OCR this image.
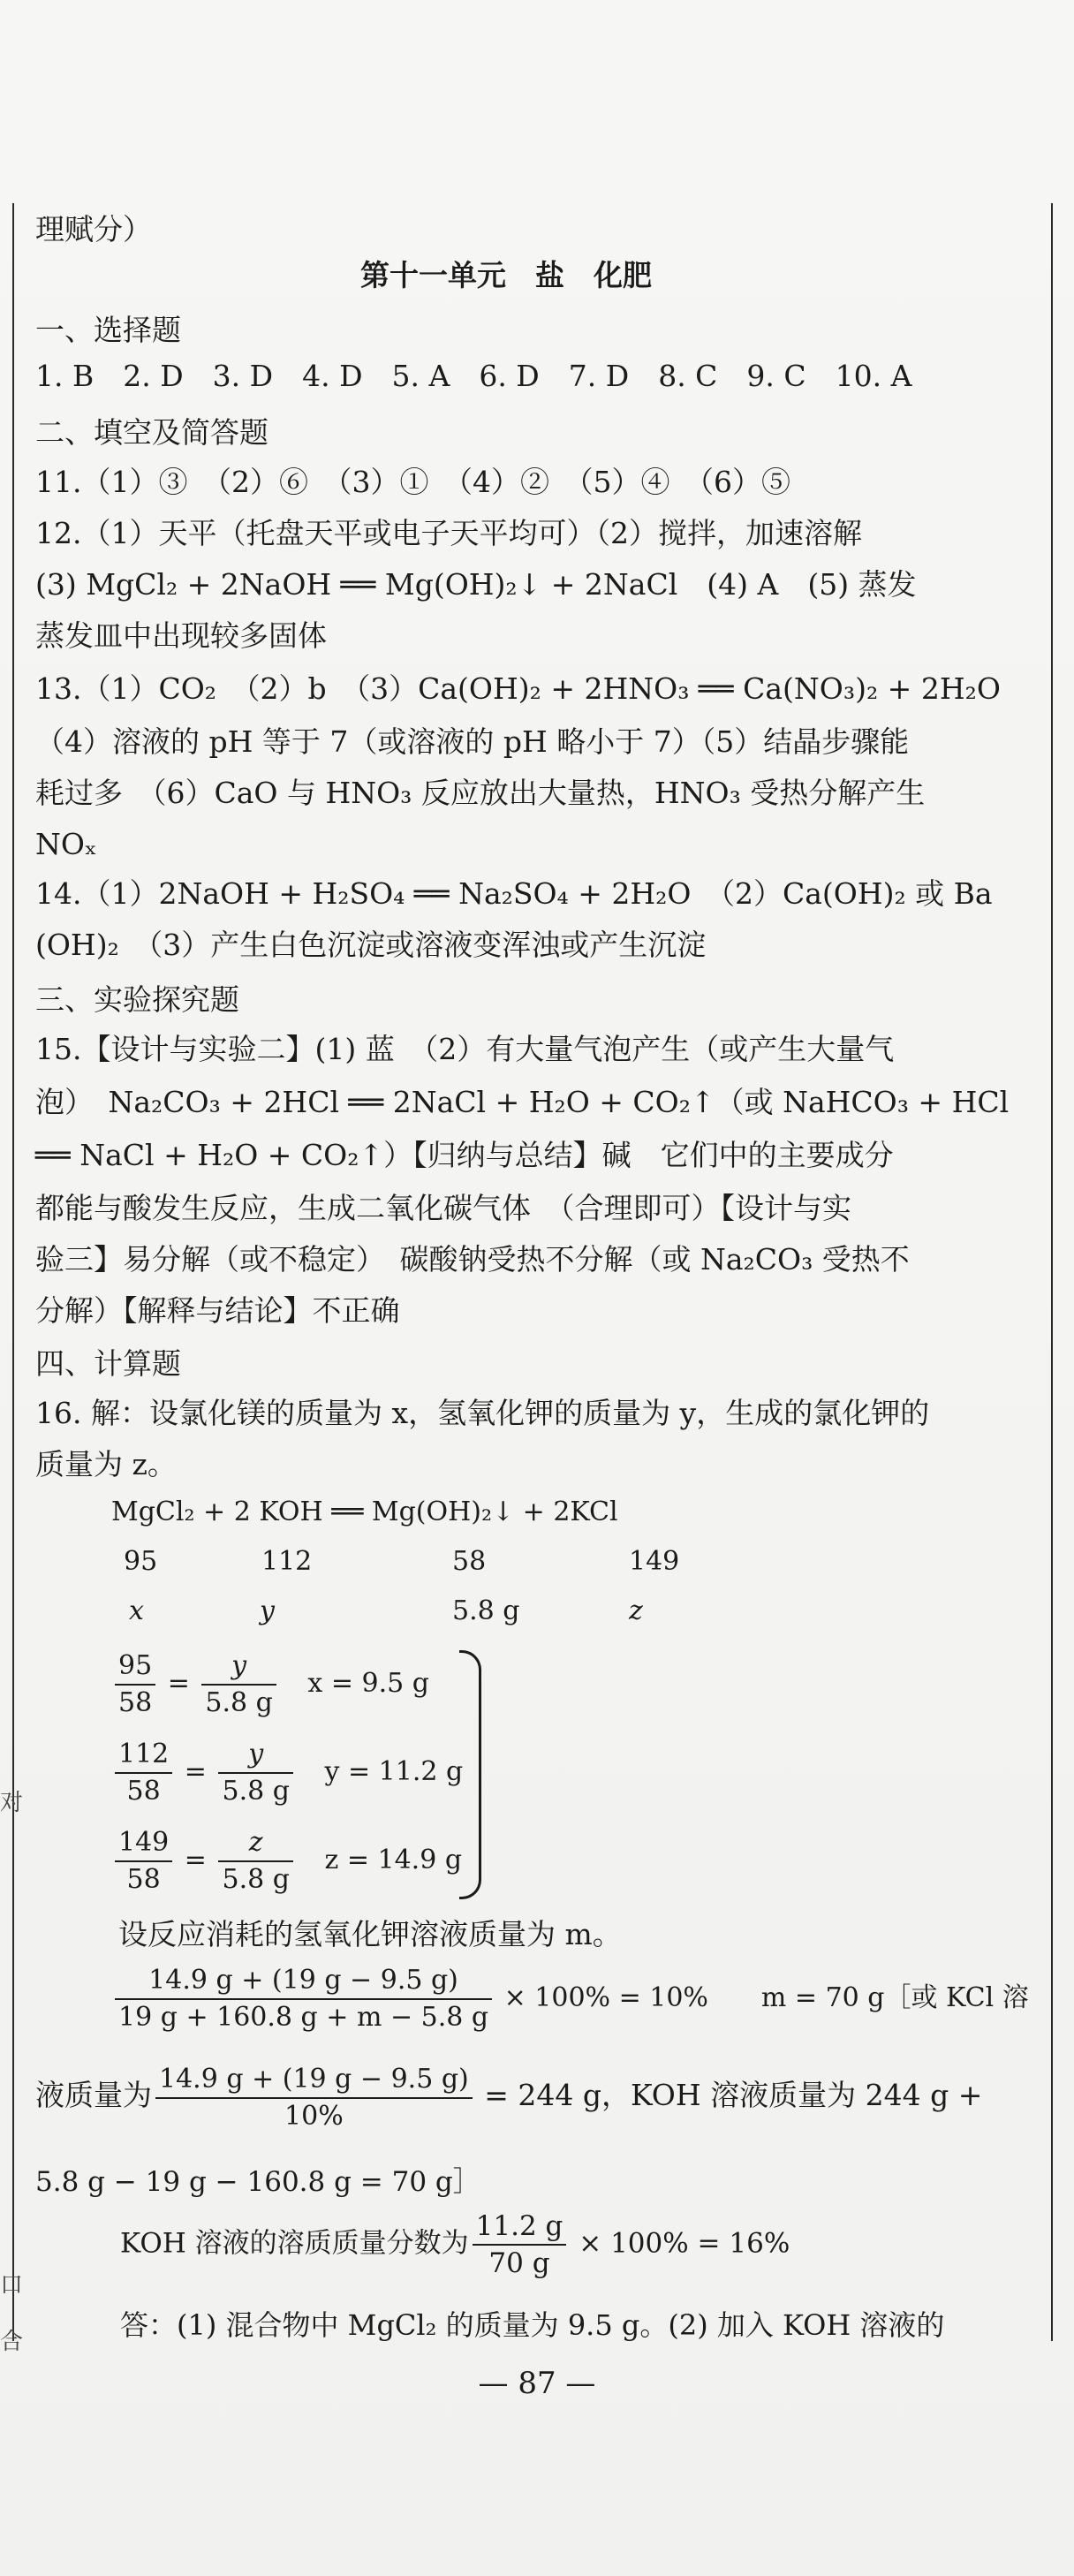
对
口
合
理赋分）
第十一单元　盐　化肥
一、选择题
1. B　2. D　3. D　4. D　5. A　6. D　7. D　8. C　9. C　10. A
二、填空及简答题
11.（1）③　（2）⑥　（3）①　（4）②　（5）④　（6）⑤
12.（1）天平（托盘天平或电子天平均可）（2）搅拌，加速溶解
(3) MgCl₂ + 2NaOH ══ Mg(OH)₂↓ + 2NaCl　(4) A　(5) 蒸发
蒸发皿中出现较多固体
13.（1）CO₂　（2）b　（3）Ca(OH)₂ + 2HNO₃ ══ Ca(NO₃)₂ + 2H₂O
（4）溶液的 pH 等于 7（或溶液的 pH 略小于 7）（5）结晶步骤能
耗过多　（6）CaO 与 HNO₃ 反应放出大量热，HNO₃ 受热分解产生
NOₓ
14.（1）2NaOH + H₂SO₄ ══ Na₂SO₄ + 2H₂O　（2）Ca(OH)₂ 或 Ba
(OH)₂　（3）产生白色沉淀或溶液变浑浊或产生沉淀
三、实验探究题
15.【设计与实验二】(1) 蓝　（2）有大量气泡产生（或产生大量气
泡）　Na₂CO₃ + 2HCl ══ 2NaCl + H₂O + CO₂↑（或 NaHCO₃ + HCl
══ NaCl + H₂O + CO₂↑）【归纳与总结】碱　它们中的主要成分
都能与酸发生反应，生成二氧化碳气体　（合理即可）【设计与实
验三】易分解（或不稳定）　碳酸钠受热不分解（或 Na₂CO₃ 受热不
分解）【解释与结论】不正确
四、计算题
16. 解：设氯化镁的质量为 x，氢氧化钾的质量为 y，生成的氯化钾的
质量为 z。
MgCl₂ + 2 KOH ══ Mg(OH)₂↓ + 2KCl
95	112	58	149
x	y	5.8 g	z
$\frac{95}{58} = \frac{y}{5.8 g}$ x = 9.5 g
$\frac{112}{58} = \frac{y}{5.8 g}$ y = 11.2 g
$\frac{149}{58} = \frac{z}{5.8 g}$ z = 14.9 g
设反应消耗的氢氧化钾溶液质量为 m。
$\frac{14.9 g + (19 g - 9.5 g)}{19 g + 160.8 g + m - 5.8 g} \times 100\% = 10\%$　　m = 70 g［或 KCl 溶
液质量为 $\frac{14.9 g + (19 g - 9.5 g)}{10\%} = 244$ g，KOH 溶液质量为 244 g +
5.8 g − 19 g − 160.8 g = 70 g］
KOH 溶液的溶质质量分数为 $\frac{11.2 g}{70 g} \times 100\% = 16\%$
答：(1) 混合物中 MgCl₂ 的质量为 9.5 g。(2) 加入 KOH 溶液的
— 87 —
